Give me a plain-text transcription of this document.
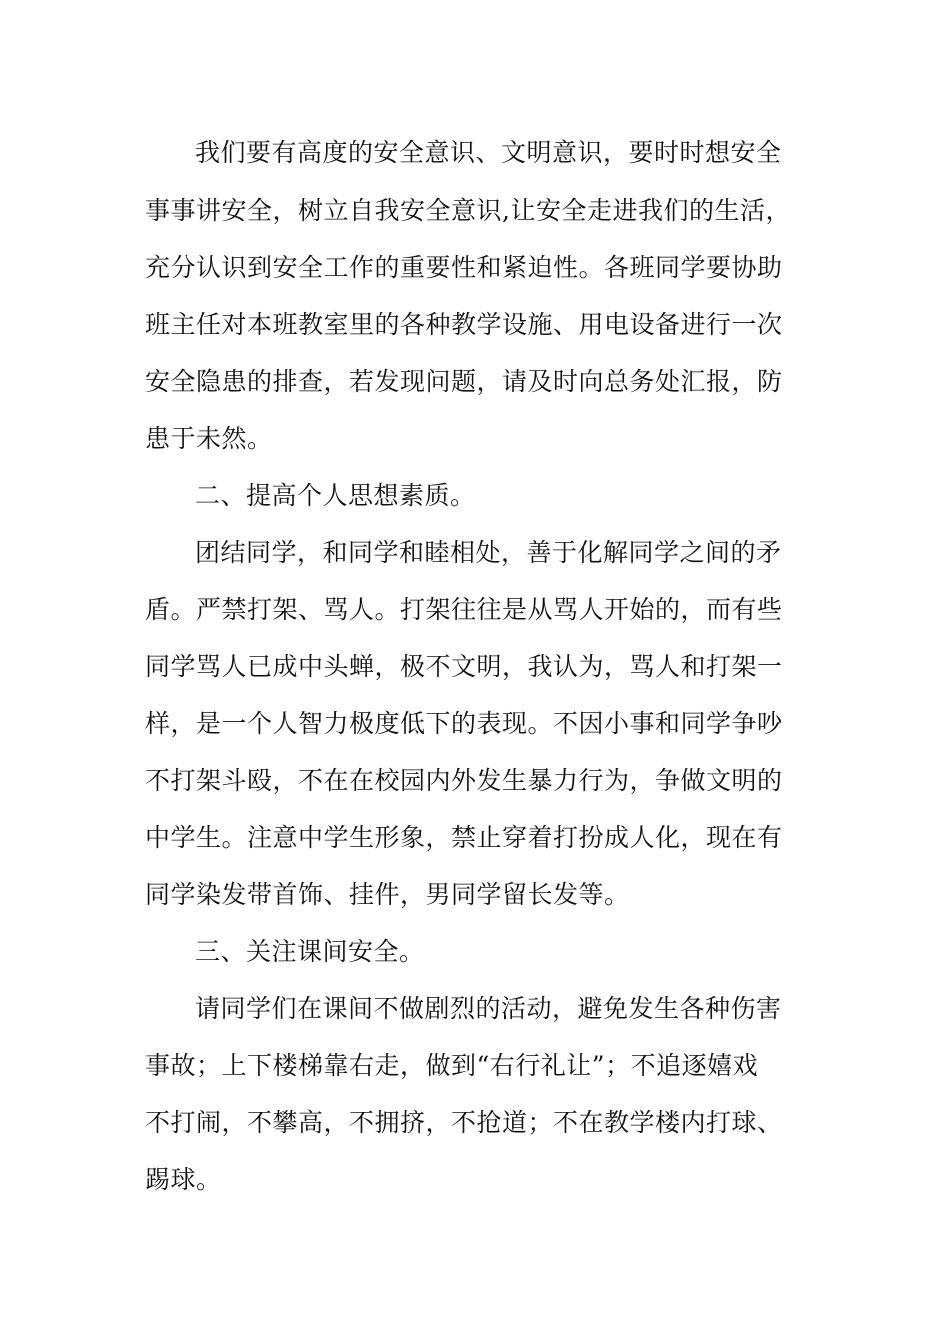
我们要有高度的安全意识、文明意识，要时时想安全
事事讲安全，树立自我安全意识,让安全走进我们的生活，
充分认识到安全工作的重要性和紧迫性。各班同学要协助
班主任对本班教室里的各种教学设施、用电设备进行一次
安全隐患的排查，若发现问题，请及时向总务处汇报，防
患于未然。
二、提高个人思想素质。
团结同学，和同学和睦相处，善于化解同学之间的矛
盾。严禁打架、骂人。打架往往是从骂人开始的，而有些
同学骂人已成中头蝉，极不文明，我认为，骂人和打架一
样，是一个人智力极度低下的表现。不因小事和同学争吵
不打架斗殴，不在在校园内外发生暴力行为，争做文明的
中学生。注意中学生形象，禁止穿着打扮成人化，现在有
同学染发带首饰、挂件，男同学留长发等。
三、关注课间安全。
请同学们在课间不做剧烈的活动，避免发生各种伤害
事故；上下楼梯靠右走，做到“右行礼让”；不追逐嬉戏
不打闹，不攀高，不拥挤，不抢道；不在教学楼内打球、
踢球。
